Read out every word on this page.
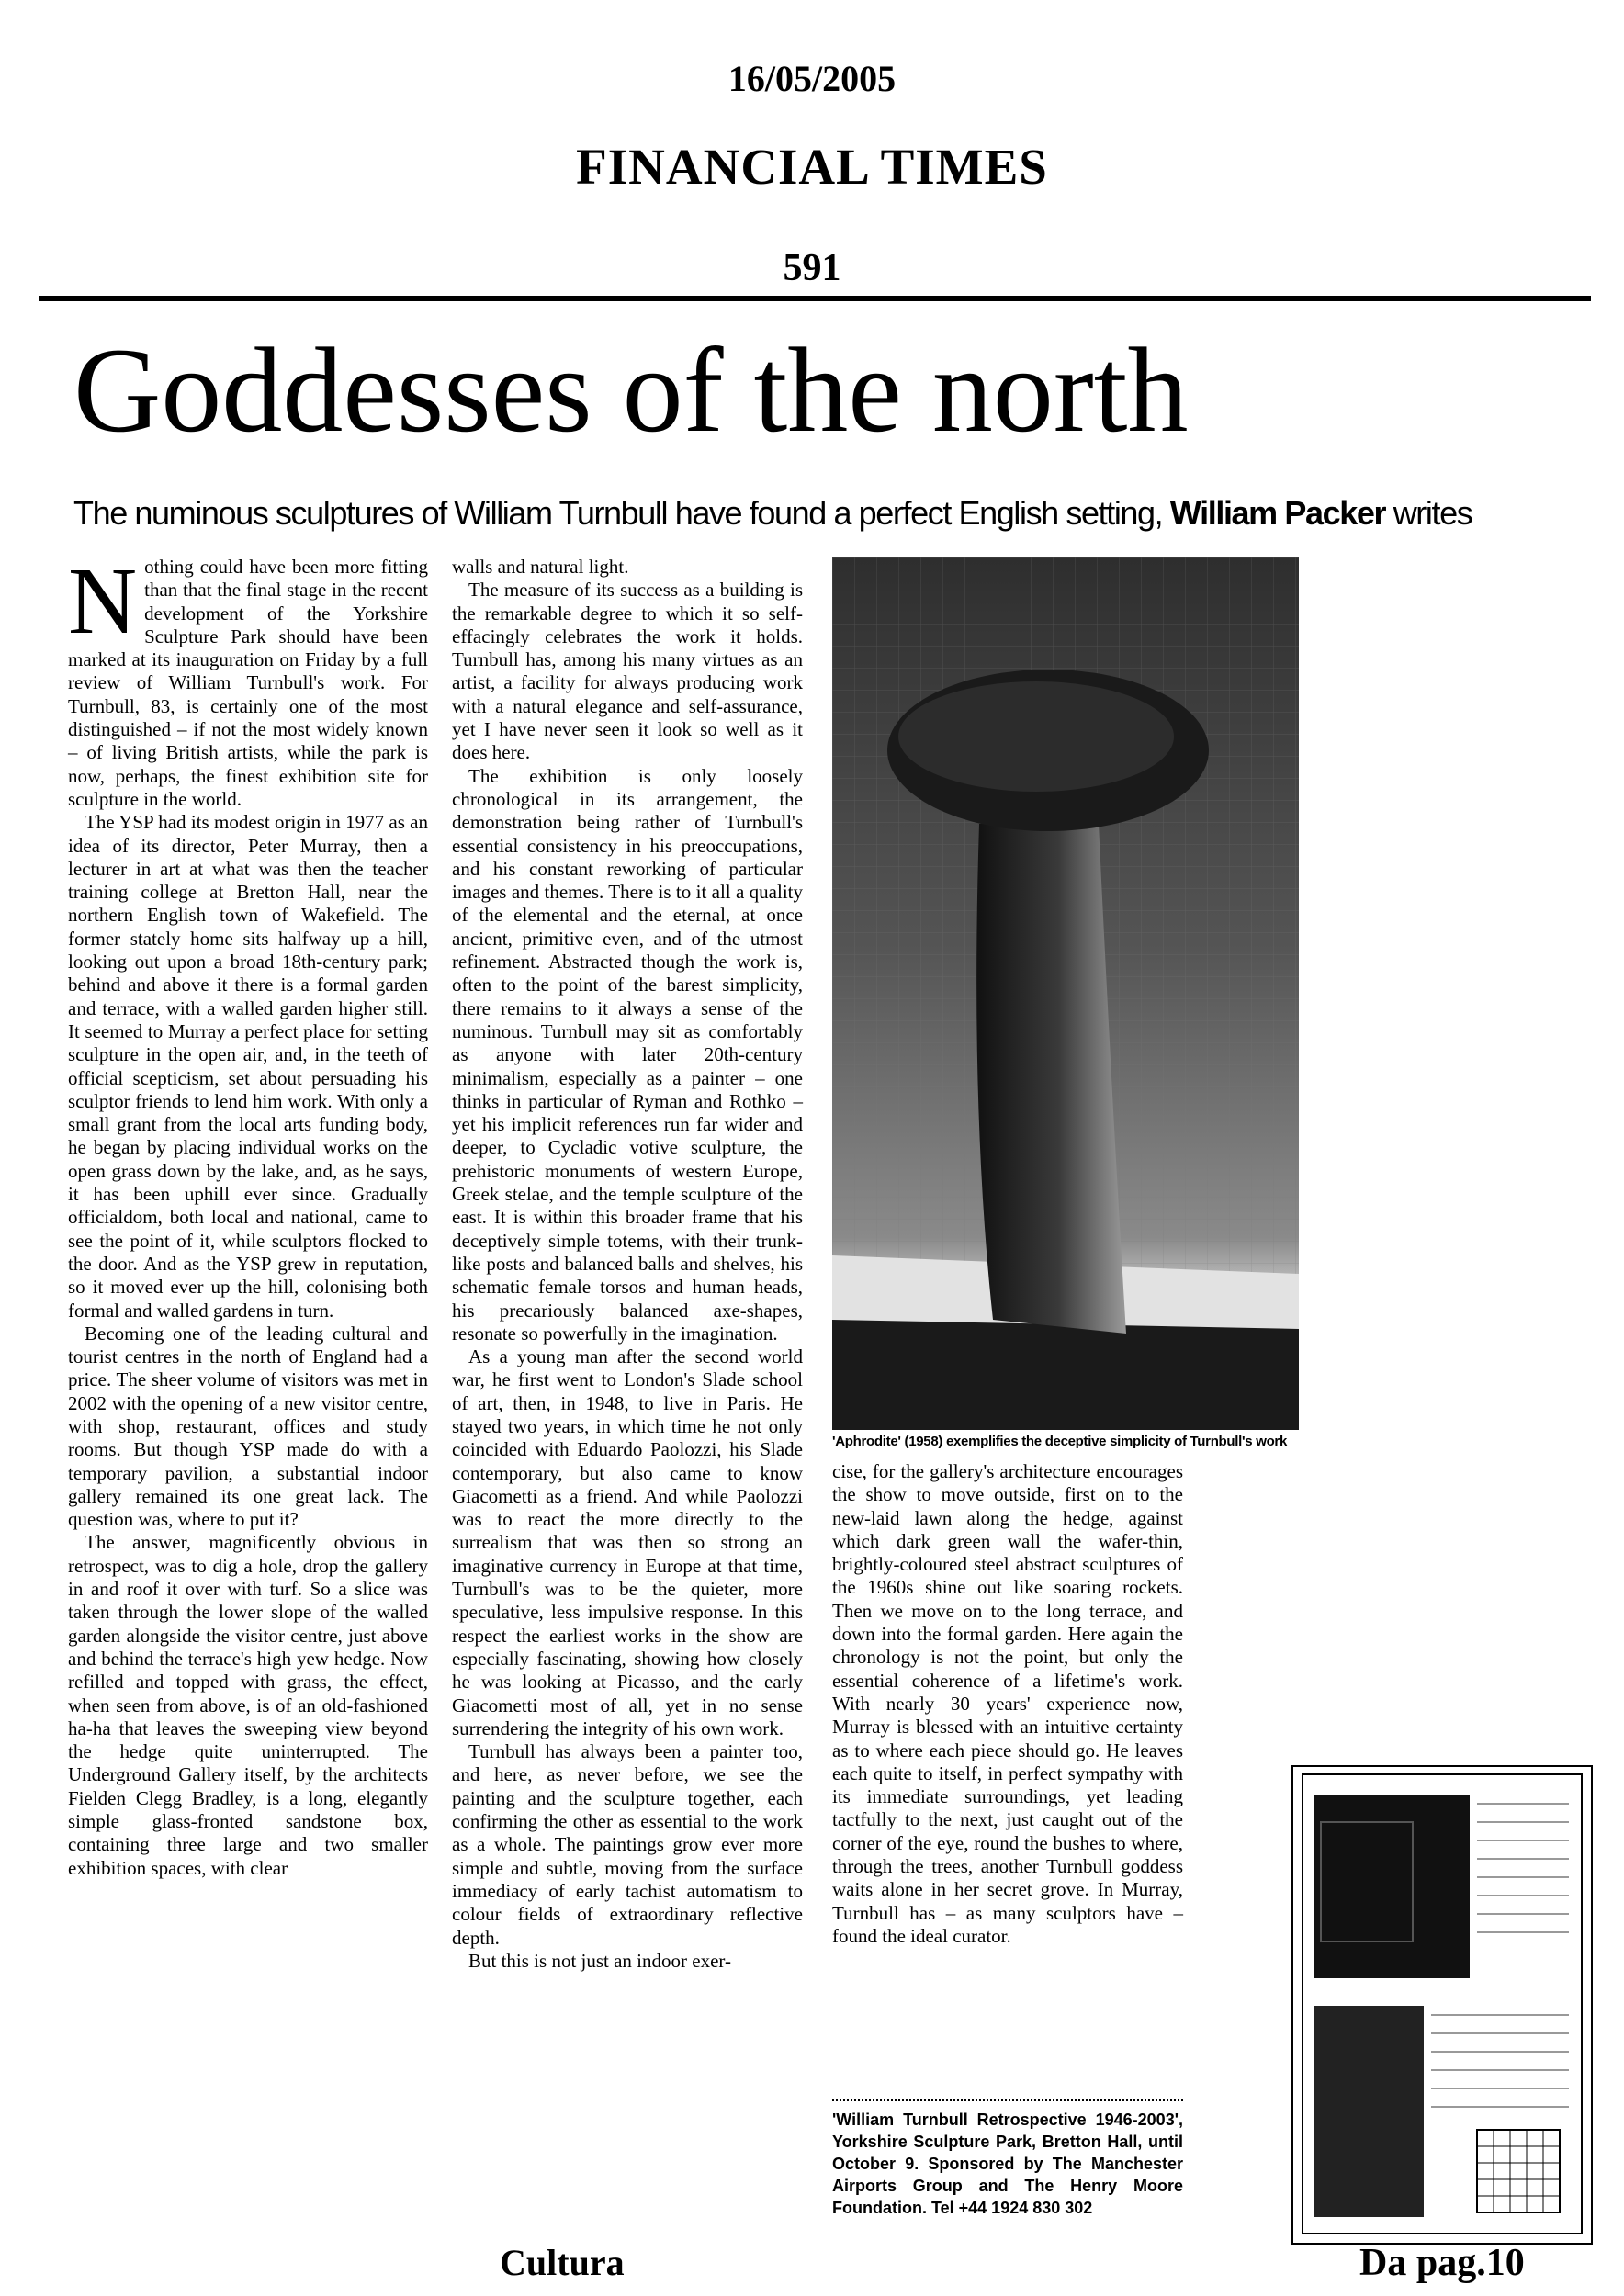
16/05/2005
FINANCIAL TIMES
591
Goddesses of the north
The numinous sculptures of William Turnbull have found a perfect English setting, William Packer writes

Nothing could have been more fitting than that the final stage in the recent development of the Yorkshire Sculpture Park should have been marked at its inauguration on Friday by a full review of William Turnbull's work. For Turnbull, 83, is certainly one of the most distinguished – if not the most widely known – of living British artists, while the park is now, perhaps, the finest exhibition site for sculpture in the world.

The YSP had its modest origin in 1977 as an idea of its director, Peter Murray, then a lecturer in art at what was then the teacher training college at Bretton Hall, near the northern English town of Wakefield. The former stately home sits halfway up a hill, looking out upon a broad 18th-century park; behind and above it there is a formal garden and terrace, with a walled garden higher still. It seemed to Murray a perfect place for setting sculpture in the open air, and, in the teeth of official scepticism, set about persuading his sculptor friends to lend him work. With only a small grant from the local arts funding body, he began by placing individual works on the open grass down by the lake, and, as he says, it has been uphill ever since. Gradually officialdom, both local and national, came to see the point of it, while sculptors flocked to the door. And as the YSP grew in reputation, so it moved ever up the hill, colonising both formal and walled gardens in turn.

Becoming one of the leading cultural and tourist centres in the north of England had a price. The sheer volume of visitors was met in 2002 with the opening of a new visitor centre, with shop, restaurant, offices and study rooms. But though YSP made do with a temporary pavilion, a substantial indoor gallery remained its one great lack. The question was, where to put it?

The answer, magnificently obvious in retrospect, was to dig a hole, drop the gallery in and roof it over with turf. So a slice was taken through the lower slope of the walled garden alongside the visitor centre, just above and behind the terrace's high yew hedge. Now refilled and topped with grass, the effect, when seen from above, is of an old-fashioned ha-ha that leaves the sweeping view beyond the hedge quite uninterrupted. The Underground Gallery itself, by the architects Fielden Clegg Bradley, is a long, elegantly simple glass-fronted sandstone box, containing three large and two smaller exhibition spaces, with clear

walls and natural light.

The measure of its success as a building is the remarkable degree to which it so self-effacingly celebrates the work it holds. Turnbull has, among his many virtues as an artist, a facility for always producing work with a natural elegance and self-assurance, yet I have never seen it look so well as it does here.

The exhibition is only loosely chronological in its arrangement, the demonstration being rather of Turnbull's essential consistency in his preoccupations, and his constant reworking of particular images and themes. There is to it all a quality of the elemental and the eternal, at once ancient, primitive even, and of the utmost refinement. Abstracted though the work is, often to the point of the barest simplicity, there remains to it always a sense of the numinous. Turnbull may sit as comfortably as anyone with later 20th-century minimalism, especially as a painter – one thinks in particular of Ryman and Rothko – yet his implicit references run far wider and deeper, to Cycladic votive sculpture, the prehistoric monuments of western Europe, Greek stelae, and the temple sculpture of the east. It is within this broader frame that his deceptively simple totems, with their trunk-like posts and balanced balls and shelves, his schematic female torsos and human heads, his precariously balanced axe-shapes, resonate so powerfully in the imagination.

As a young man after the second world war, he first went to London's Slade school of art, then, in 1948, to live in Paris. He stayed two years, in which time he not only coincided with Eduardo Paolozzi, his Slade contemporary, but also came to know Giacometti as a friend. And while Paolozzi was to react the more directly to the surrealism that was then so strong an imaginative currency in Europe at that time, Turnbull's was to be the quieter, more speculative, less impulsive response. In this respect the earliest works in the show are especially fascinating, showing how closely he was looking at Picasso, and the early Giacometti most of all, yet in no sense surrendering the integrity of his own work.

Turnbull has always been a painter too, and here, as never before, we see the painting and the sculpture together, each confirming the other as essential to the work as a whole. The paintings grow ever more simple and subtle, moving from the surface immediacy of early tachist automatism to colour fields of extraordinary reflective depth.

But this is not just an indoor exer-

'Aphrodite' (1958) exemplifies the deceptive simplicity of Turnbull's work

cise, for the gallery's architecture encourages the show to move outside, first on to the new-laid lawn along the hedge, against which dark green wall the wafer-thin, brightly-coloured steel abstract sculptures of the 1960s shine out like soaring rockets. Then we move on to the long terrace, and down into the formal garden. Here again the chronology is not the point, but only the essential coherence of a lifetime's work. With nearly 30 years' experience now, Murray is blessed with an intuitive certainty as to where each piece should go. He leaves each quite to itself, in perfect sympathy with its immediate surroundings, yet leading tactfully to the next, just caught out of the corner of the eye, round the bushes to where, through the trees, another Turnbull goddess waits alone in her secret grove. In Murray, Turnbull has – as many sculptors have – found the ideal curator.

'William Turnbull Retrospective 1946-2003', Yorkshire Sculpture Park, Bretton Hall, until October 9. Sponsored by The Manchester Airports Group and The Henry Moore Foundation. Tel +44 1924 830 302
Cultura	Da pag.10
